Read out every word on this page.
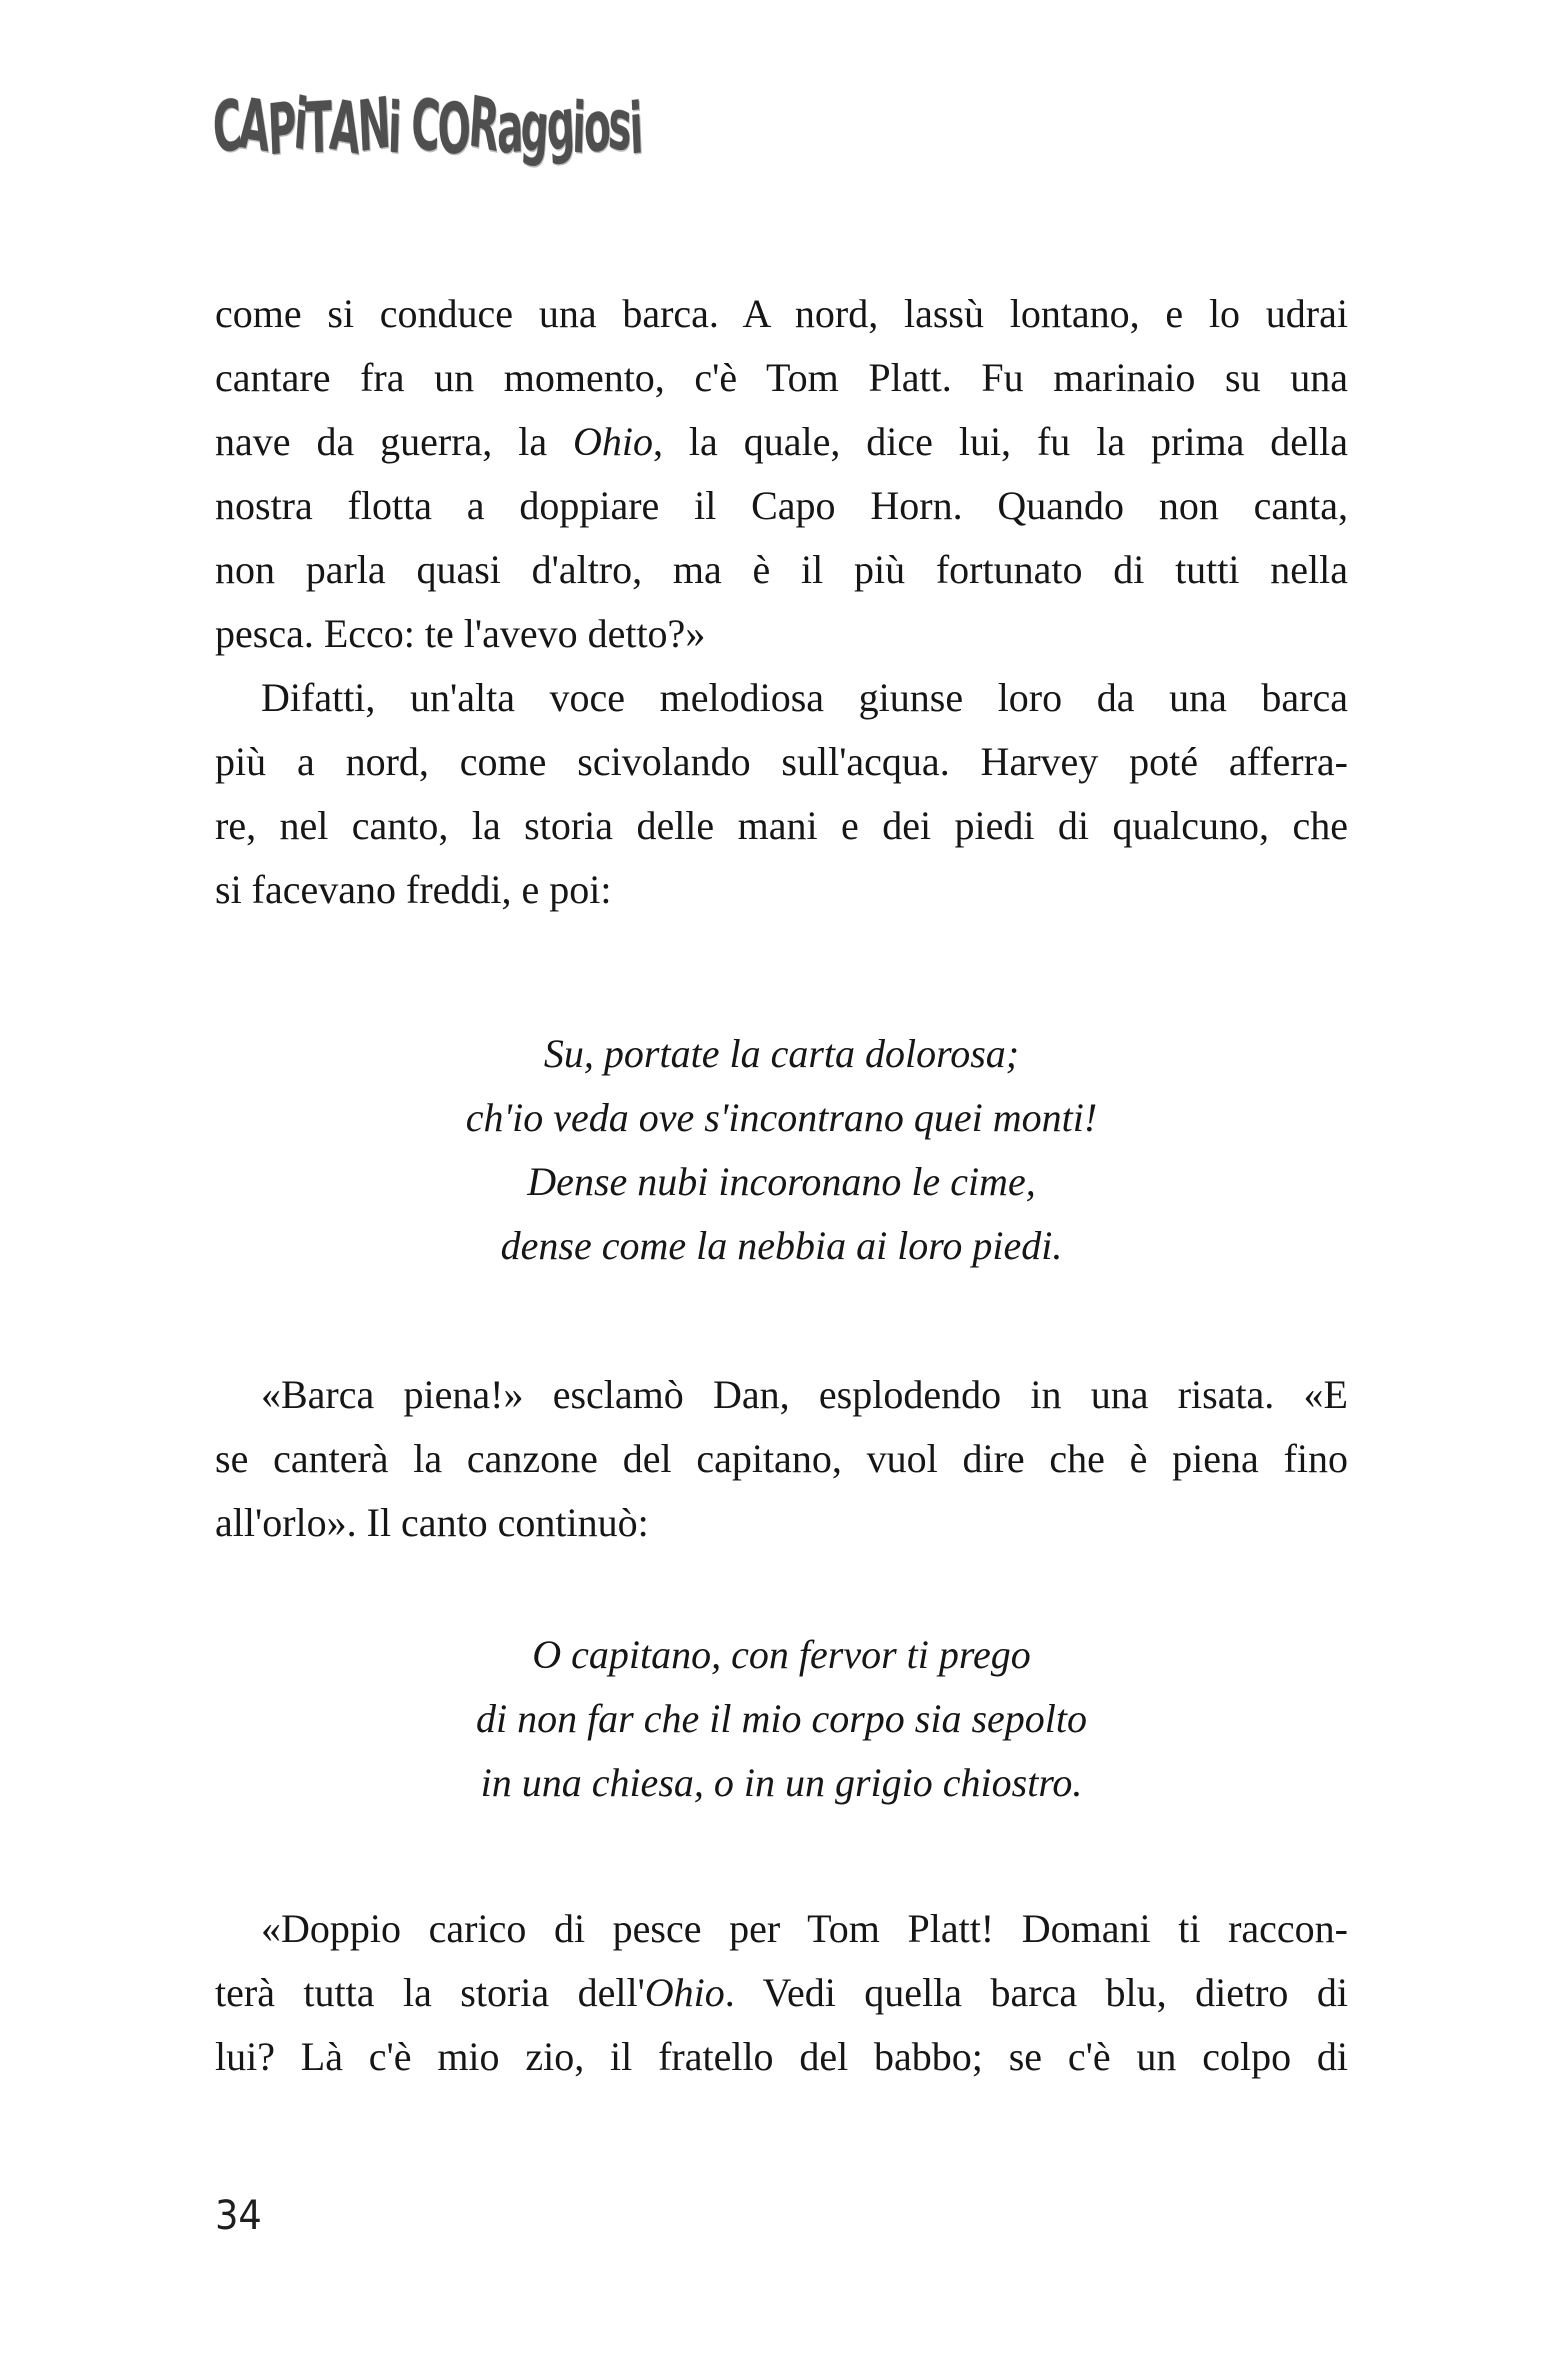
CAPiTANi CORaggiosi
come si conduce una barca. A nord, lassù lontano, e lo udrai
cantare fra un momento, c'è Tom Platt. Fu marinaio su una
nave da guerra, la Ohio, la quale, dice lui, fu la prima della
nostra flotta a doppiare il Capo Horn. Quando non canta,
non parla quasi d'altro, ma è il più fortunato di tutti nella
pesca. Ecco: te l'avevo detto?»
Difatti, un'alta voce melodiosa giunse loro da una barca
più a nord, come scivolando sull'acqua. Harvey poté afferra-
re, nel canto, la storia delle mani e dei piedi di qualcuno, che
si facevano freddi, e poi:
Su, portate la carta dolorosa;
ch'io veda ove s'incontrano quei monti!
Dense nubi incoronano le cime,
dense come la nebbia ai loro piedi.
«Barca piena!» esclamò Dan, esplodendo in una risata. «E
se canterà la canzone del capitano, vuol dire che è piena fino
all'orlo». Il canto continuò:
O capitano, con fervor ti prego
di non far che il mio corpo sia sepolto
in una chiesa, o in un grigio chiostro.
«Doppio carico di pesce per Tom Platt! Domani ti raccon-
terà tutta la storia dell'Ohio. Vedi quella barca blu, dietro di
lui? Là c'è mio zio, il fratello del babbo; se c'è un colpo di
34
